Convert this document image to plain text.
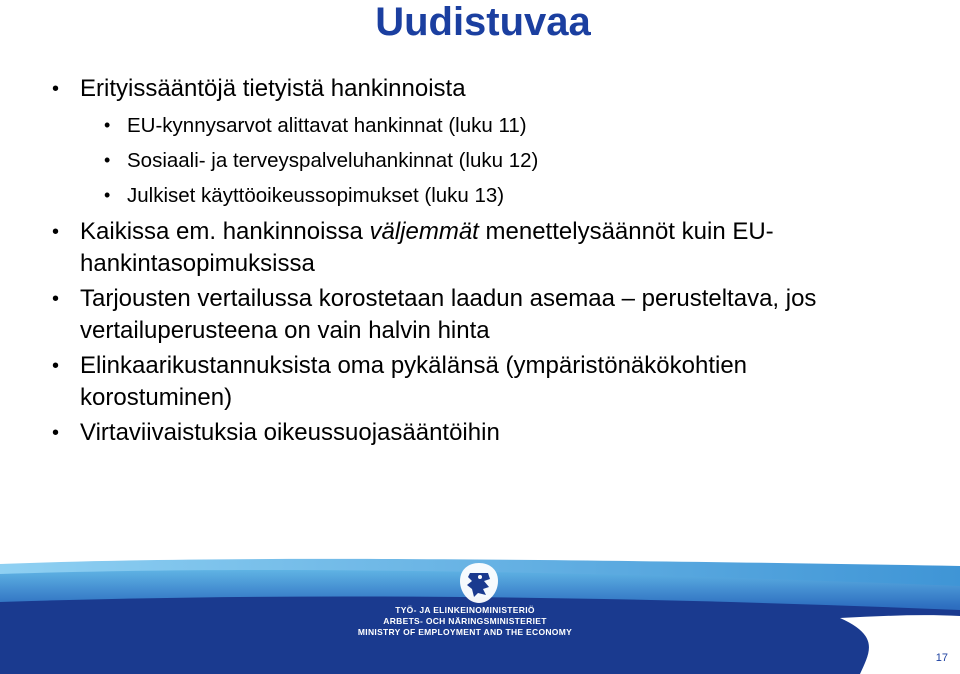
Uudistuvaa
• Erityissääntöjä tietyistä hankinnoista
• EU-kynnysarvot alittavat hankinnat (luku 11)
• Sosiaali- ja terveyspalveluhankinnat (luku 12)
• Julkiset käyttöoikeussopimukset (luku 13)
• Kaikissa em. hankinnoissa väljemmät menettelysäännöt kuin EU-hankintasopimuksissa
• Tarjousten vertailussa korostetaan laadun asemaa – perusteltava, jos vertailuperusteena on vain halvin hinta
• Elinkaarikustannuksista oma pykälänsä (ympäristönäkökohtien korostuminen)
• Virtaviivaistuksia oikeussuojasääntöihin
TYÖ- JA ELINKEINOMINISTERIÖ
ARBETS- OCH NÄRINGSMINISTERIET
MINISTRY OF EMPLOYMENT AND THE ECONOMY
17
